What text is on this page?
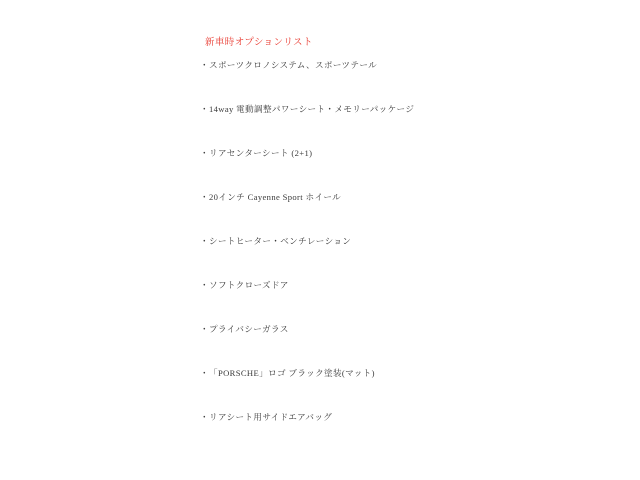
新車時オプションリスト
・ スポーツクロノシステム、スポーツテール
・ 14way 電動調整パワーシート・メモリーパッケージ
・ リアセンターシート (2+1)
・ 20インチ Cayenne Sport ホイール
・ シートヒーター・ベンチレーション
・ ソフトクローズドア
・ プライバシーガラス
・ 「PORSCHE」ロゴ ブラック塗装(マット)
・ リアシート用サイドエアバッグ
